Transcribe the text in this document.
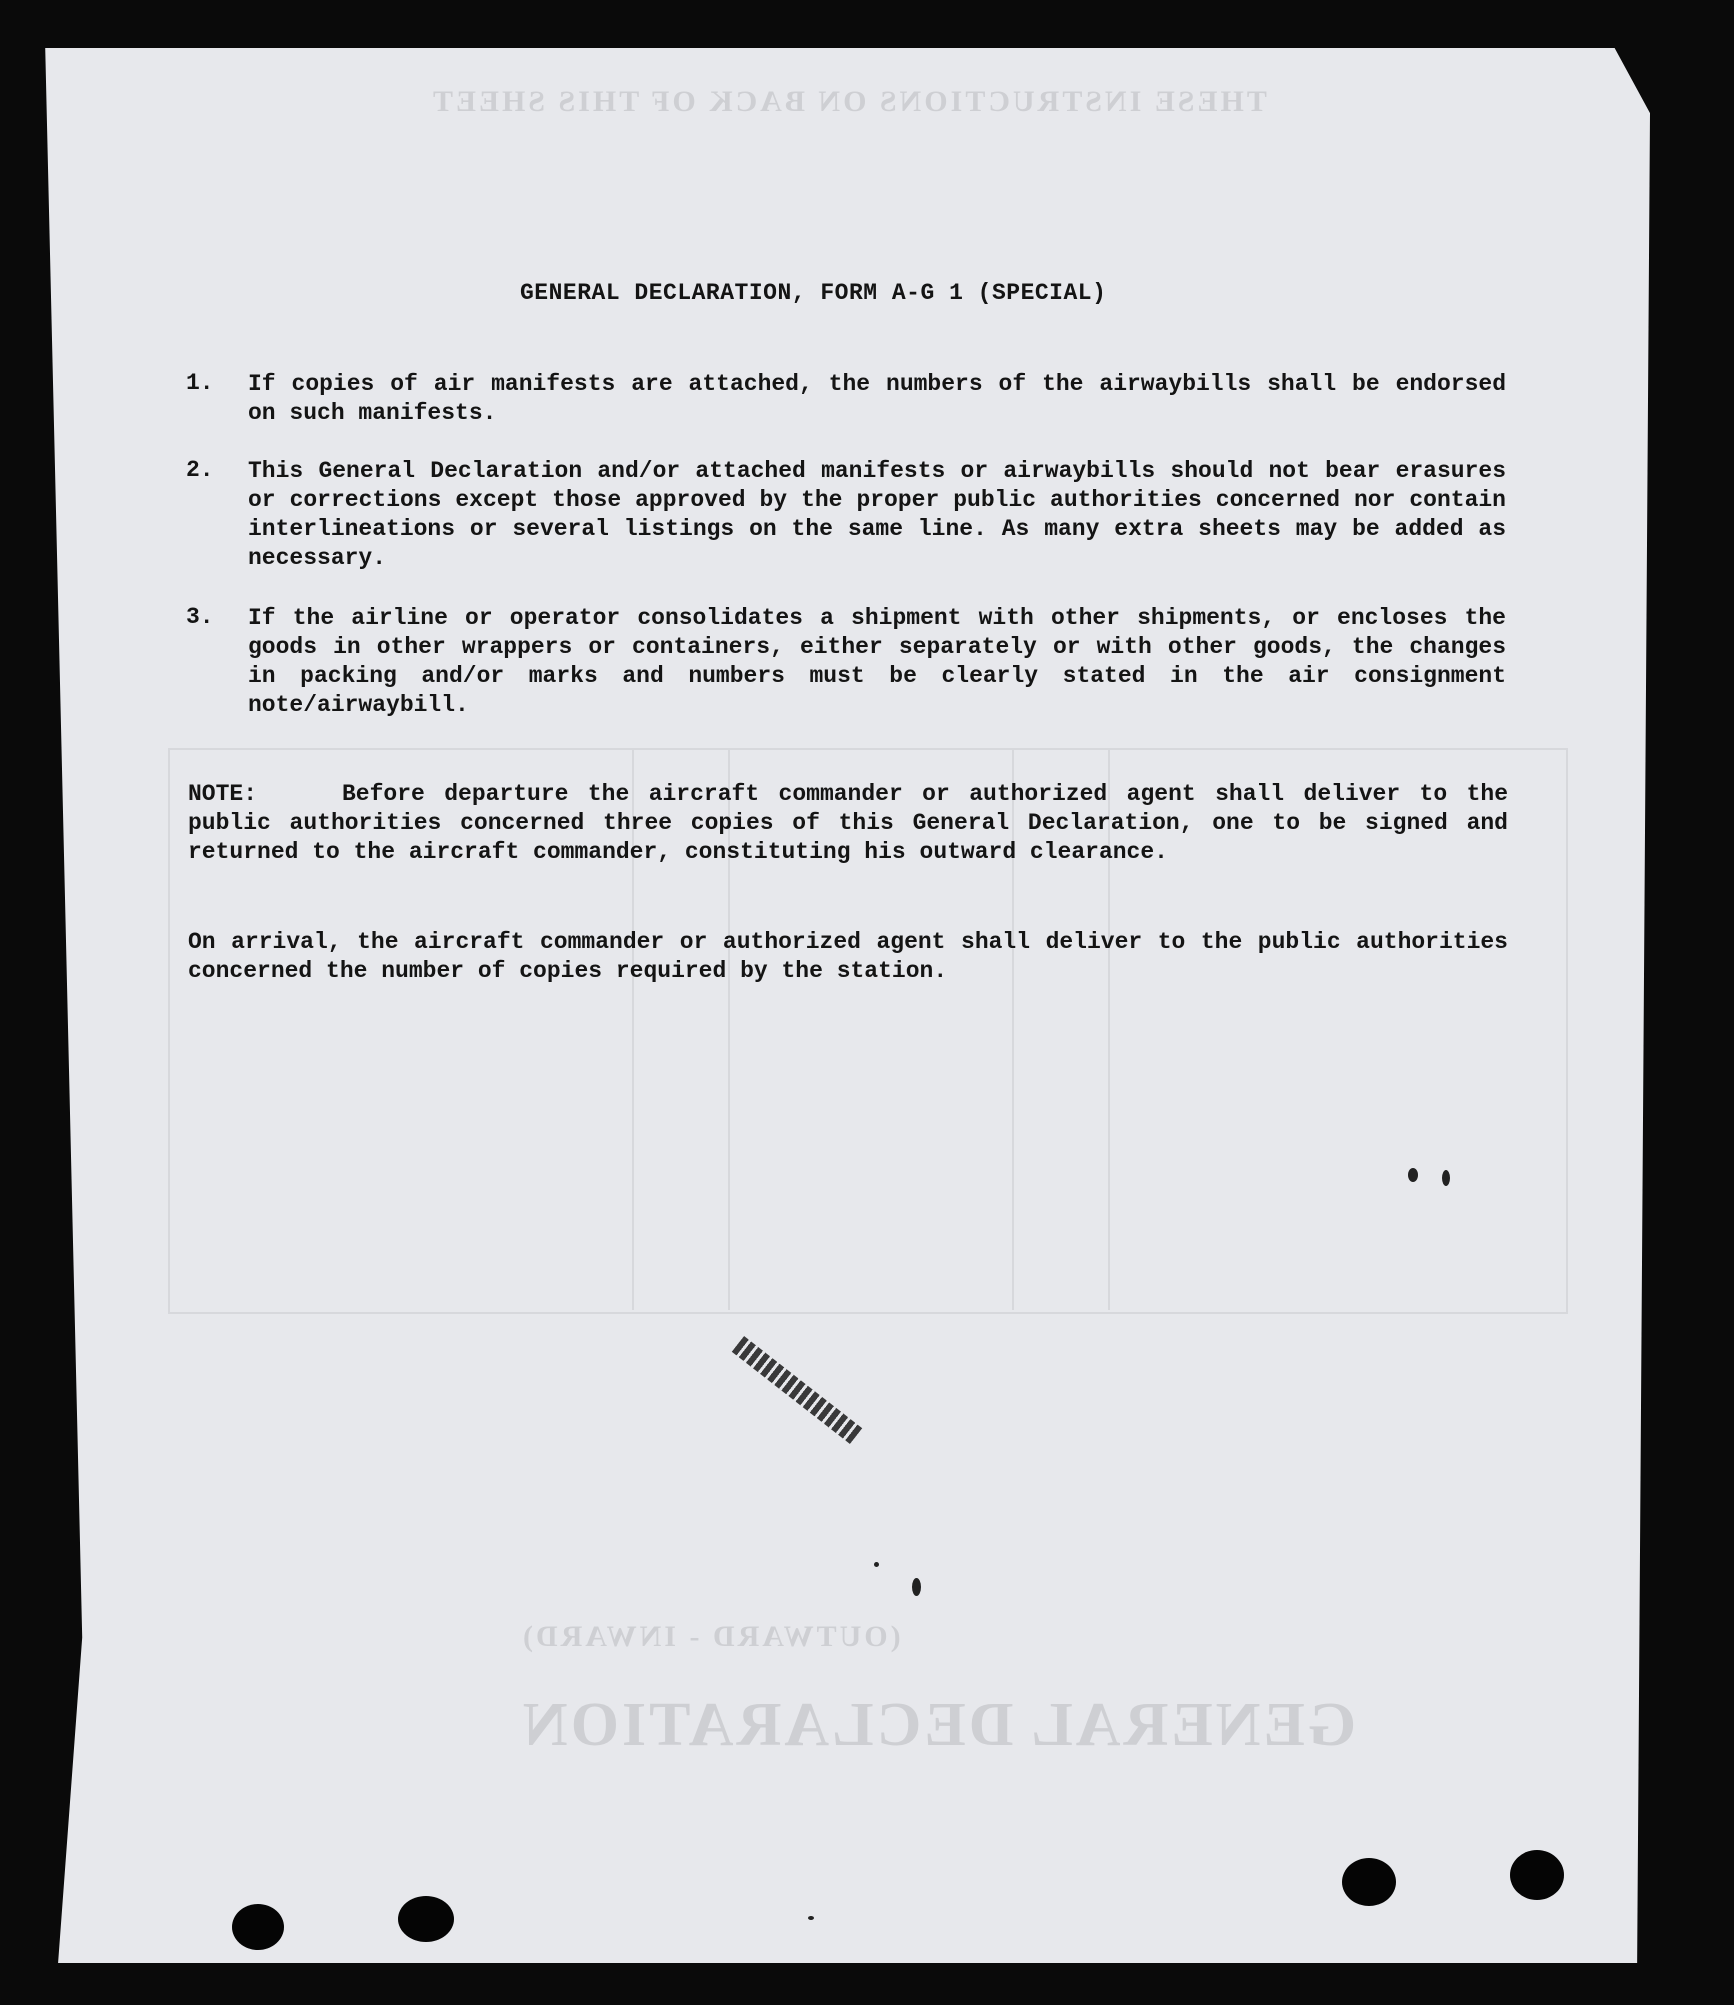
THESE INSTRUCTIONS ON BACK OF THIS SHEET
(OUTWARD - INWARD)
GENERAL DECLARATION
GENERAL DECLARATION, FORM A-G 1 (SPECIAL)
1.	If copies of air manifests are attached, the numbers of the airwaybills shall be endorsed on such manifests.
2.	This General Declaration and/or attached manifests or airwaybills should not bear erasures or corrections except those approved by the proper public authorities concerned nor contain interlineations or several listings on the same line. As many extra sheets may be added as necessary.
3.	If the airline or operator consolidates a shipment with other shipments, or encloses the goods in other wrappers or containers, either separately or with other goods, the changes in packing and/or marks and numbers must be clearly stated in the air consignment note/airwaybill.
NOTE:	Before departure the aircraft commander or authorized agent shall deliver to the public authorities concerned three copies of this General Declaration, one to be signed and returned to the aircraft commander, constituting his outward clearance.
On arrival, the aircraft commander or authorized agent shall deliver to the public authorities concerned the number of copies required by the station.
